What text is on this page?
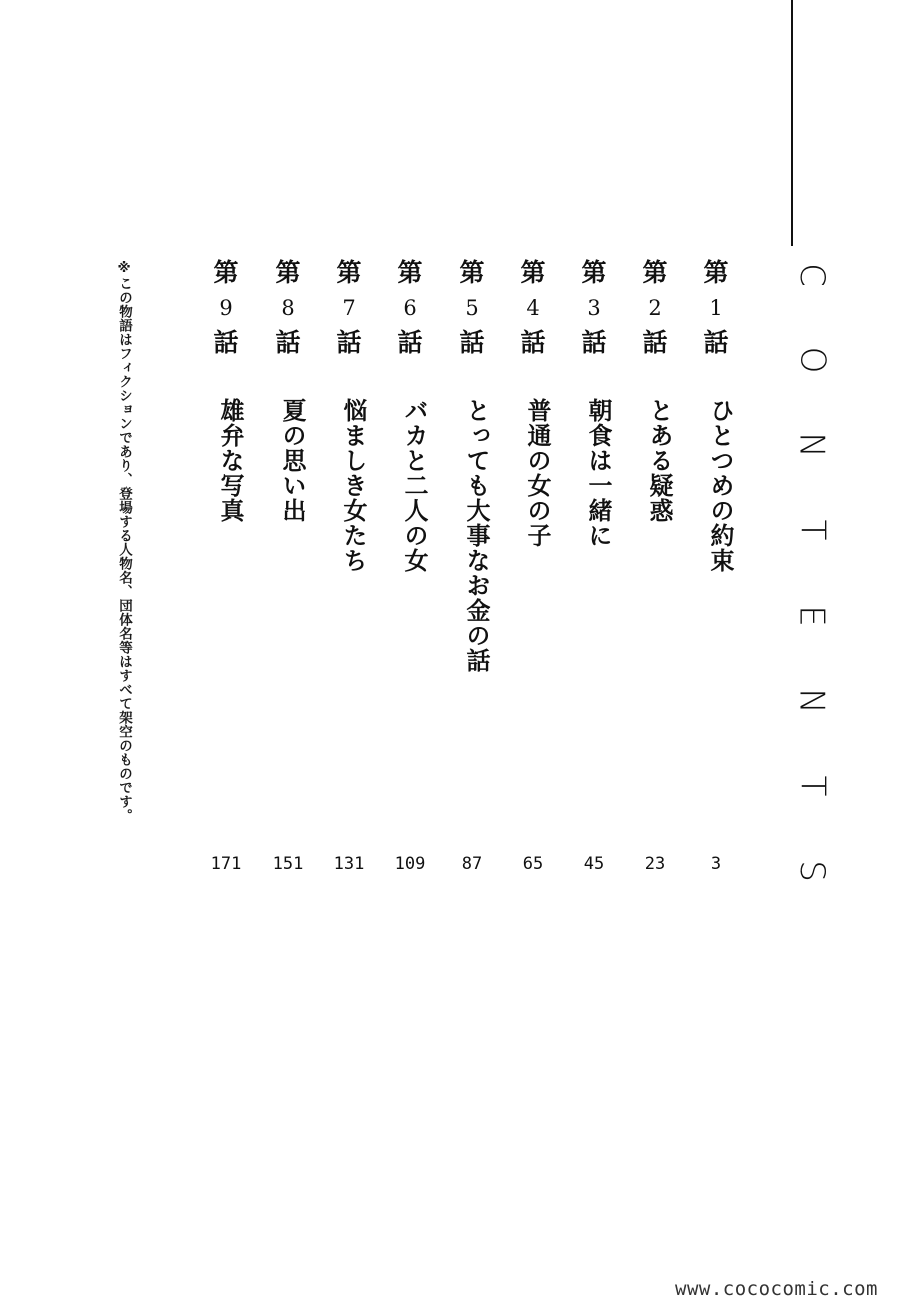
C
O
N
T
E
N
T
S
第
1
話
ひとつめの約束
3
第
2
話
とある疑惑
23
第
3
話
朝食は一緒に
45
第
4
話
普通の女の子
65
第
5
話
とっても大事なお金の話
87
第
6
話
バカと二人の女
109
第
7
話
悩ましき女たち
131
第
8
話
夏の思い出
151
第
9
話
雄弁な写真
171
※この物語はフィクションであり、登場する人物名、団体名等はすべて架空のものです。
www.cococomic.com
